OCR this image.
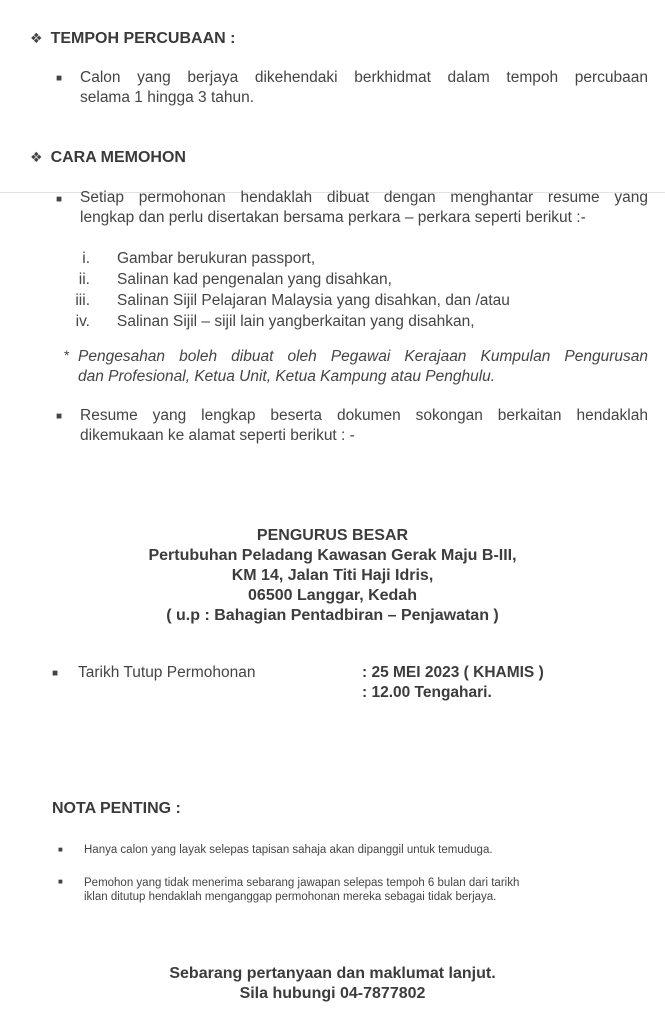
❖ TEMPOH PERCUBAAN :
■ Calon yang berjaya dikehendaki berkhidmat dalam tempoh percubaan
selama 1 hingga 3 tahun.
❖ CARA MEMOHON
■ Setiap permohonan hendaklah dibuat dengan menghantar resume yang
lengkap dan perlu disertakan bersama perkara – perkara seperti berikut :-
i. Gambar berukuran passport,
ii. Salinan kad pengenalan yang disahkan,
iii. Salinan Sijil Pelajaran Malaysia yang disahkan, dan /atau
iv. Salinan Sijil – sijil lain yangberkaitan yang disahkan,
* Pengesahan boleh dibuat oleh Pegawai Kerajaan Kumpulan Pengurusan
dan Profesional, Ketua Unit, Ketua Kampung atau Penghulu.
■ Resume yang lengkap beserta dokumen sokongan berkaitan hendaklah
dikemukaan ke alamat seperti berikut : -
PENGURUS BESAR
Pertubuhan Peladang Kawasan Gerak Maju B-III,
KM 14, Jalan Titi Haji Idris,
06500 Langgar, Kedah
( u.p : Bahagian Pentadbiran – Penjawatan )
■ Tarikh Tutup Permohonan	: 25 MEI 2023 ( KHAMIS )
: 12.00 Tengahari.
NOTA PENTING :
■ Hanya calon yang layak selepas tapisan sahaja akan dipanggil untuk temuduga.
■ Pemohon yang tidak menerima sebarang jawapan selepas tempoh 6 bulan dari tarikh
iklan ditutup hendaklah menganggap permohonan mereka sebagai tidak berjaya.
Sebarang pertanyaan dan maklumat lanjut.
Sila hubungi 04-7877802
